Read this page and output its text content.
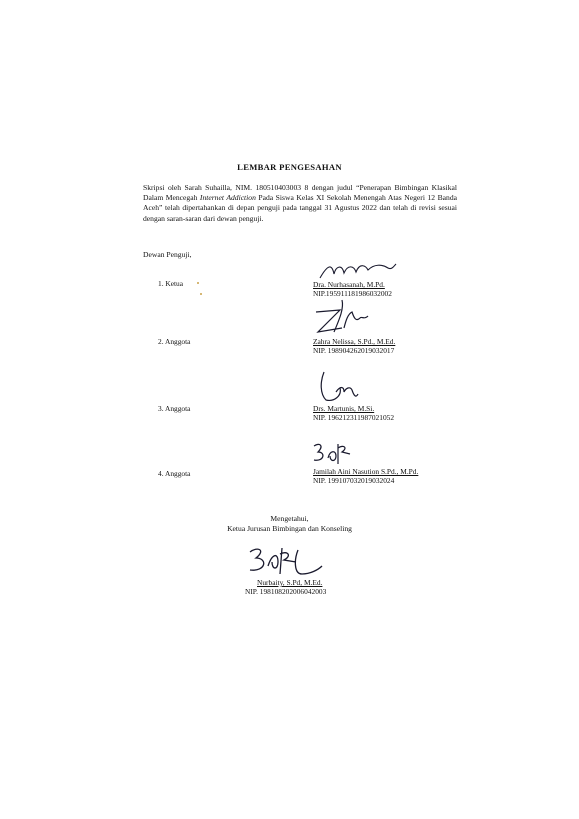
LEMBAR PENGESAHAN
Skripsi oleh Sarah Suhailla, NIM. 180510403003 8 dengan judul “Penerapan Bimbingan Klasikal Dalam Mencegah Internet Addiction Pada Siswa Kelas XI Sekolah Menengah Atas Negeri 12 Banda Aceh” telah dipertahankan di depan penguji pada tanggal 31 Agustus 2022 dan telah di revisi sesuai dengan saran-saran dari dewan penguji.
Dewan Penguji,
1. Ketua	Dra. Nurhasanah, M.Pd.
NIP.195911181986032002
2. Anggota	Zahra Nelissa, S.Pd., M.Ed.
NIP. 198904262019032017
3. Anggota	Drs. Martunis, M.Si.
NIP. 196212311987021052
4. Anggota	Jamilah Aini Nasution S.Pd., M.Pd.
NIP. 199107032019032024
Mengetahui,
Ketua Jurusan Bimbingan dan Konseling
Nurbaity, S.Pd, M.Ed.
NIP. 198108202006042003
